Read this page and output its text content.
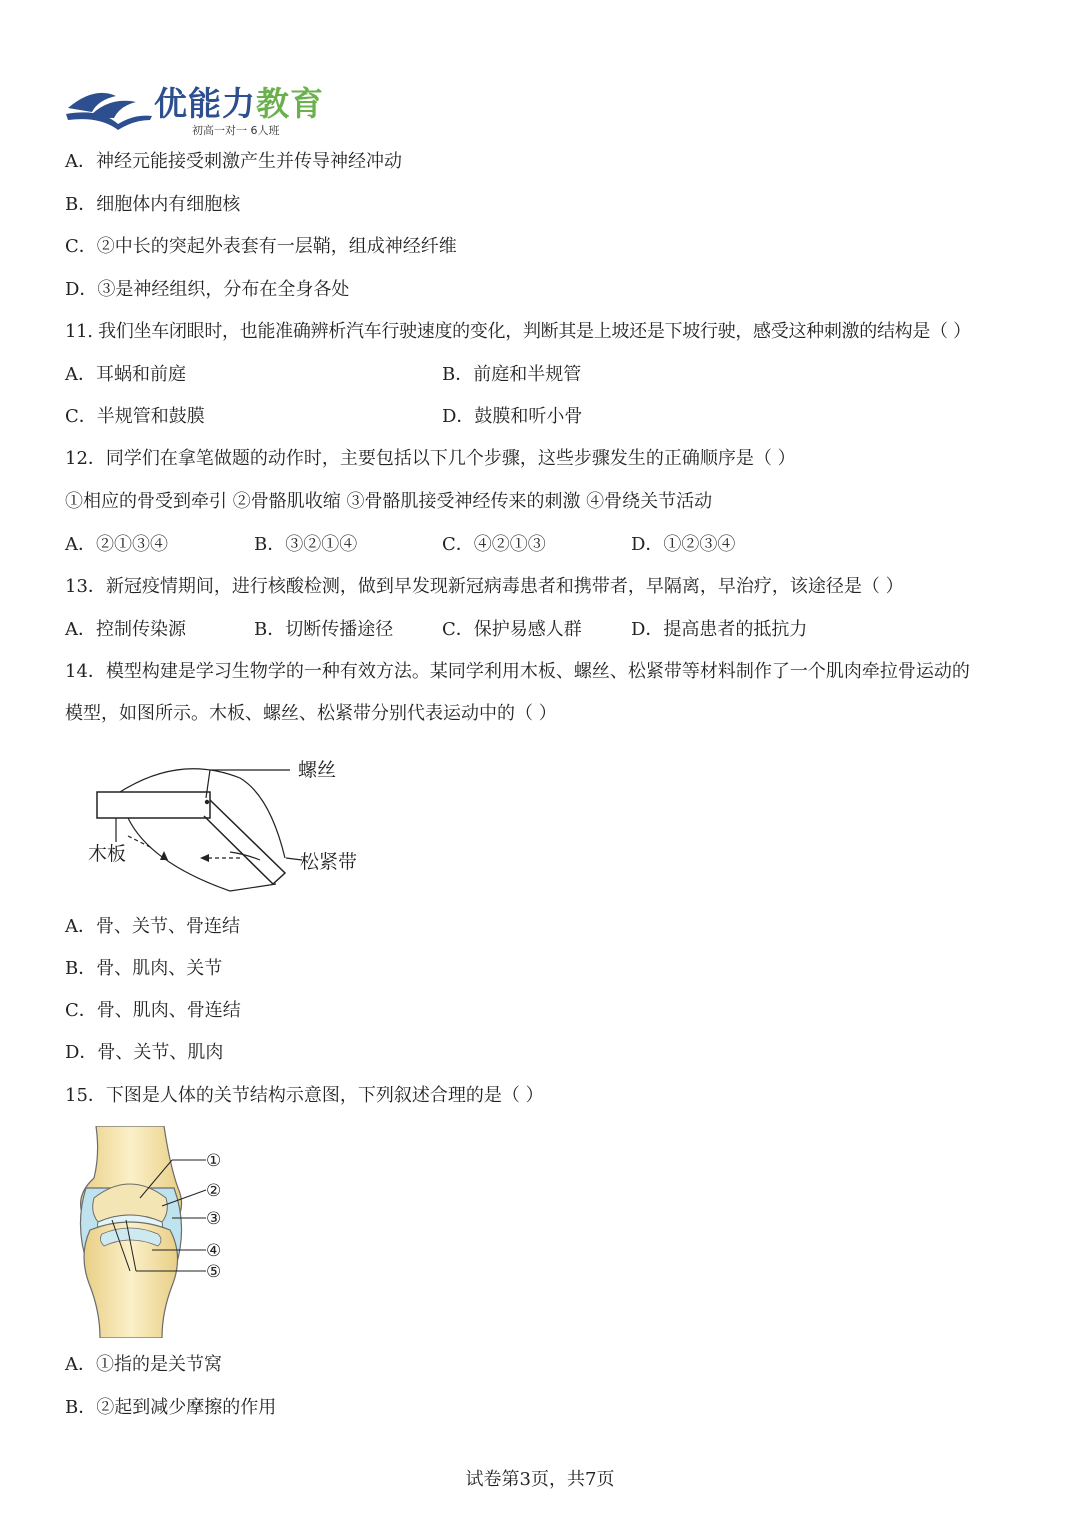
优能力教育
初高一对一 6人班
A．神经元能接受刺激产生并传导神经冲动
B．细胞体内有细胞核
C．②中长的突起外表套有一层鞘，组成神经纤维
D．③是神经组织，分布在全身各处
11. 我们坐车闭眼时，也能准确辨析汽车行驶速度的变化，判断其是上坡还是下坡行驶，感受这种刺激的结构是（ ）
A．耳蜗和前庭	B．前庭和半规管
C．半规管和鼓膜	D．鼓膜和听小骨
12．同学们在拿笔做题的动作时，主要包括以下几个步骤，这些步骤发生的正确顺序是（ ）
①相应的骨受到牵引 ②骨骼肌收缩 ③骨骼肌接受神经传来的刺激 ④骨绕关节活动
A．②①③④	B．③②①④	C．④②①③	D．①②③④
13．新冠疫情期间，进行核酸检测，做到早发现新冠病毒患者和携带者，早隔离，早治疗，该途径是（ ）
A．控制传染源	B．切断传播途径	C．保护易感人群	D．提高患者的抵抗力
14．模型构建是学习生物学的一种有效方法。某同学利用木板、螺丝、松紧带等材料制作了一个肌肉牵拉骨运动的
模型，如图所示。木板、螺丝、松紧带分别代表运动中的（ ）
螺丝
木板	松紧带
A．骨、关节、骨连结
B．骨、肌肉、关节
C．骨、肌肉、骨连结
D．骨、关节、肌肉
15．下图是人体的关节结构示意图，下列叙述合理的是（ ）
①
②
③
④
⑤
A．①指的是关节窝
B．②起到减少摩擦的作用
试卷第3页，共7页
